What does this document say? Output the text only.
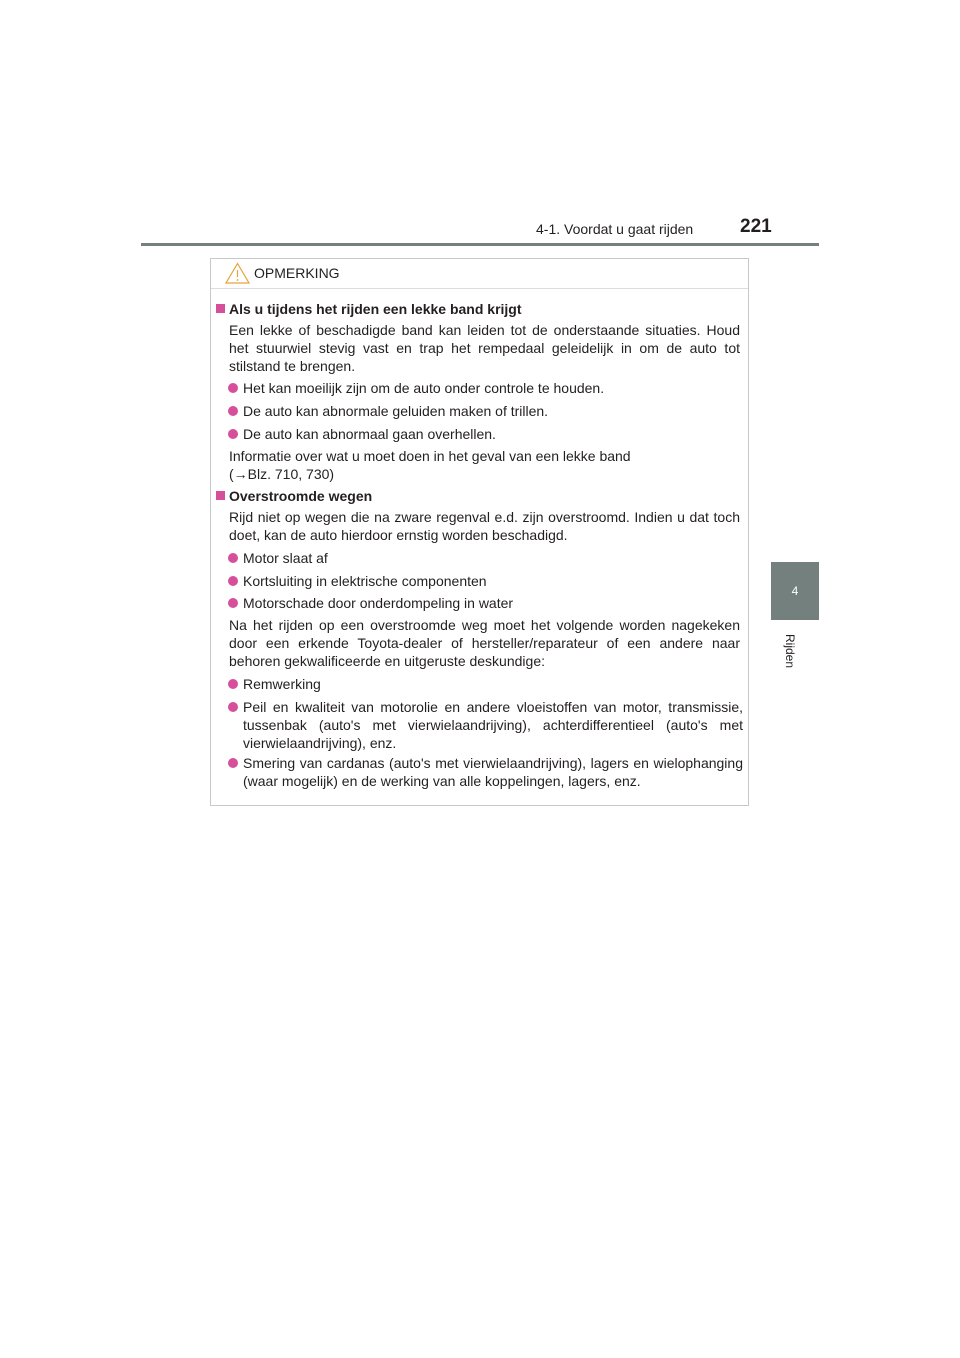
4-1. Voordat u gaat rijden 221
4
Rijden
OPMERKING
Als u tijdens het rijden een lekke band krijgt
Een lekke of beschadigde band kan leiden tot de onderstaande situaties. Houd het stuurwiel stevig vast en trap het rempedaal geleidelijk in om de auto tot stilstand te brengen.
Het kan moeilijk zijn om de auto onder controle te houden.
De auto kan abnormale geluiden maken of trillen.
De auto kan abnormaal gaan overhellen.
Informatie over wat u moet doen in het geval van een lekke band
(→Blz. 710, 730)
Overstroomde wegen
Rijd niet op wegen die na zware regenval e.d. zijn overstroomd. Indien u dat toch doet, kan de auto hierdoor ernstig worden beschadigd.
Motor slaat af
Kortsluiting in elektrische componenten
Motorschade door onderdompeling in water
Na het rijden op een overstroomde weg moet het volgende worden nagekeken door een erkende Toyota-dealer of hersteller/reparateur of een andere naar behoren gekwalificeerde en uitgeruste deskundige:
Remwerking
Peil en kwaliteit van motorolie en andere vloeistoffen van motor, transmissie, tussenbak (auto's met vierwielaandrijving), achterdifferentieel (auto's met vierwielaandrijving), enz.
Smering van cardanas (auto's met vierwielaandrijving), lagers en wielophanging (waar mogelijk) en de werking van alle koppelingen, lagers, enz.
